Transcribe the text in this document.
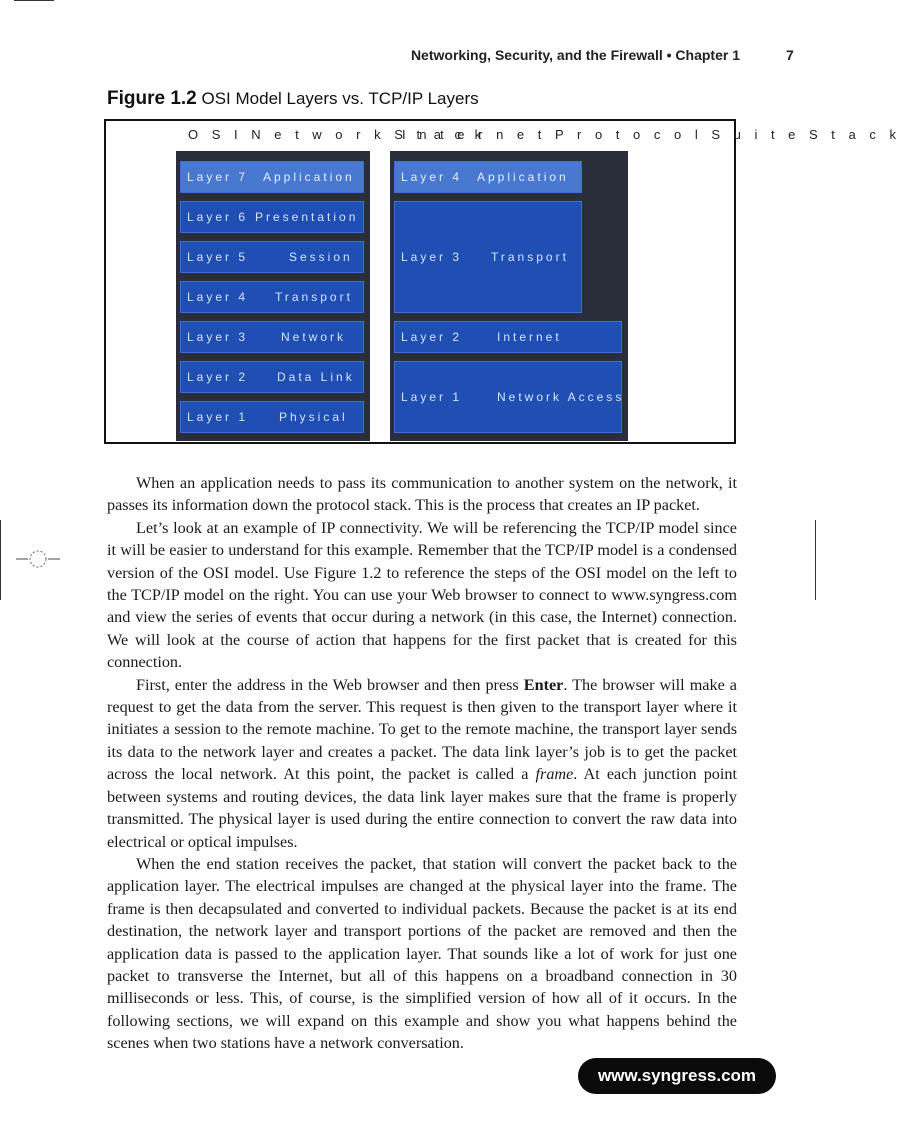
Networking, Security, and the Firewall • Chapter 1	7
Figure 1.2 OSI Model Layers vs. TCP/IP Layers
O S I N e t w o r k S t a c k
I n t e r n e t P r o t o c o l S u i t e S t a c k
Layer 7 Application
Layer 6 Presentation
Layer 5	Session
Layer 4 Transport
Layer 3	Network
Layer 2 Data Link
Layer 1	Physical
Layer 4 Application
Layer 3 Transport
Layer 2	Internet
Layer 1	Network Access

When an application needs to pass its communication to another system on the network, it passes its information down the protocol stack. This is the process that creates an IP packet.

Let’s look at an example of IP connectivity. We will be referencing the TCP/IP model since it will be easier to understand for this example. Remember that the TCP/IP model is a condensed version of the OSI model. Use Figure 1.2 to reference the steps of the OSI model on the left to the TCP/IP model on the right. You can use your Web browser to connect to www.syngress.com and view the series of events that occur during a network (in this case, the Internet) connection. We will look at the course of action that happens for the first packet that is created for this connection.

First, enter the address in the Web browser and then press Enter. The browser will make a request to get the data from the server. This request is then given to the transport layer where it initiates a session to the remote machine. To get to the remote machine, the transport layer sends its data to the network layer and creates a packet. The data link layer’s job is to get the packet across the local network. At this point, the packet is called a frame. At each junction point between systems and routing devices, the data link layer makes sure that the frame is properly transmitted. The physical layer is used during the entire connection to convert the raw data into electrical or optical impulses.

When the end station receives the packet, that station will convert the packet back to the application layer. The electrical impulses are changed at the physical layer into the frame. The frame is then decapsulated and converted to individual packets. Because the packet is at its end destination, the network layer and transport portions of the packet are removed and then the application data is passed to the application layer. That sounds like a lot of work for just one packet to transverse the Internet, but all of this happens on a broadband connection in 30 milliseconds or less. This, of course, is the simplified version of how all of it occurs. In the following sections, we will expand on this example and show you what happens behind the scenes when two stations have a network conversation.

www.syngress.com
